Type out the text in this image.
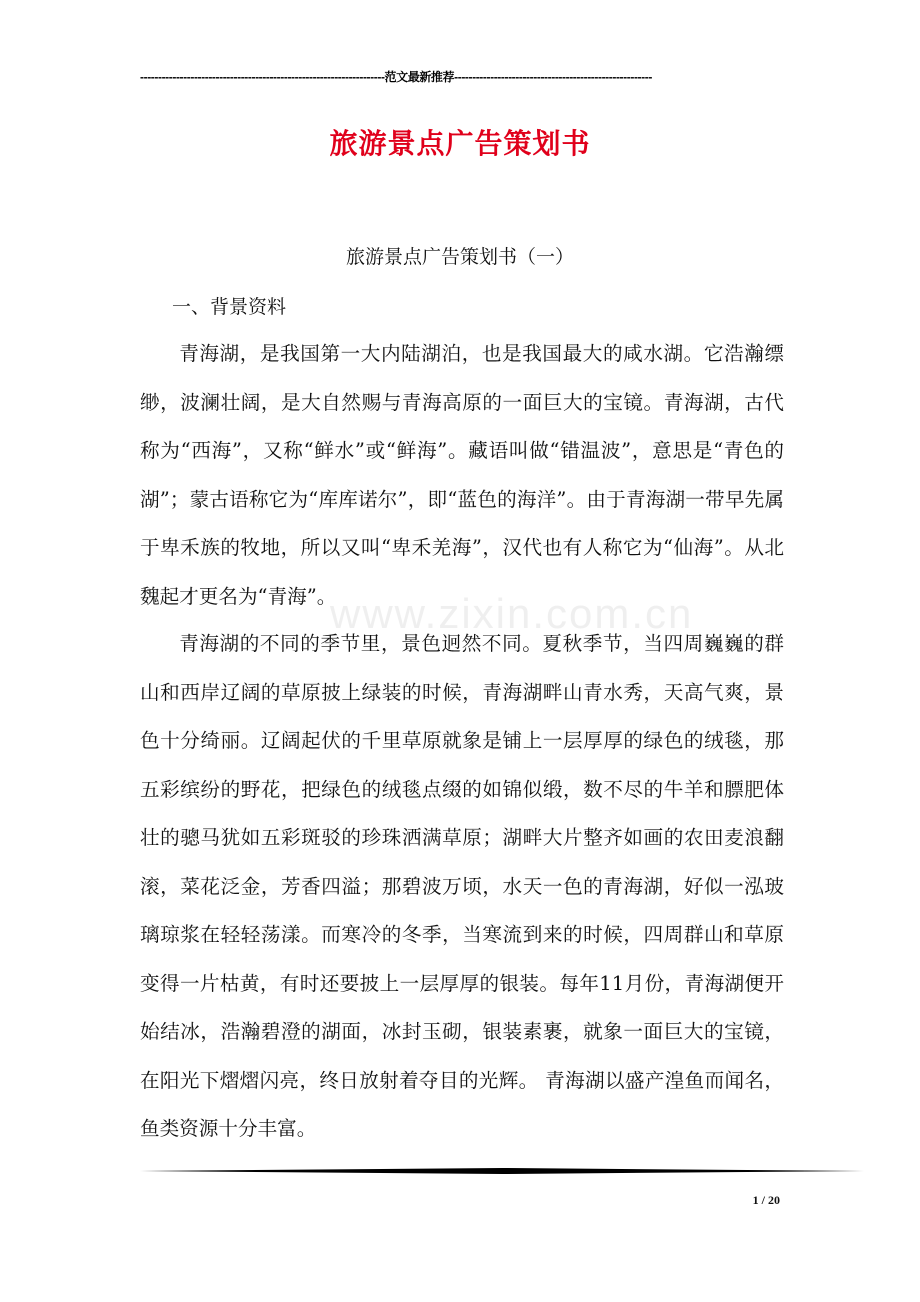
--------------------------------------------------------------------范文最新推荐-------------------------------------------------------
旅游景点广告策划书
www.zixin.com.cn
旅游景点广告策划书（一）
一、背景资料

青海湖，是我国第一大内陆湖泊，也是我国最大的咸水湖。它浩瀚缥缈，波澜壮阔，是大自然赐与青海高原的一面巨大的宝镜。青海湖，古代称为“西海”，又称“鲜水”或“鲜海”。藏语叫做“错温波”，意思是“青色的湖”；蒙古语称它为“库库诺尔”，即“蓝色的海洋”。由于青海湖一带早先属于卑禾族的牧地，所以又叫“卑禾羌海”，汉代也有人称它为“仙海”。从北魏起才更名为“青海”。

青海湖的不同的季节里，景色迥然不同。夏秋季节，当四周巍巍的群山和西岸辽阔的草原披上绿装的时候，青海湖畔山青水秀，天高气爽，景色十分绮丽。辽阔起伏的千里草原就象是铺上一层厚厚的绿色的绒毯，那五彩缤纷的野花，把绿色的绒毯点缀的如锦似缎，数不尽的牛羊和膘肥体壮的骢马犹如五彩斑驳的珍珠洒满草原；湖畔大片整齐如画的农田麦浪翻滚，菜花泛金，芳香四溢；那碧波万顷，水天一色的青海湖，好似一泓玻璃琼浆在轻轻荡漾。而寒冷的冬季，当寒流到来的时候，四周群山和草原变得一片枯黄，有时还要披上一层厚厚的银装。每年11月份，青海湖便开始结冰，浩瀚碧澄的湖面，冰封玉砌，银装素裹，就象一面巨大的宝镜，在阳光下熠熠闪亮，终日放射着夺目的光辉。 青海湖以盛产湟鱼而闻名，鱼类资源十分丰富。

1 / 20
